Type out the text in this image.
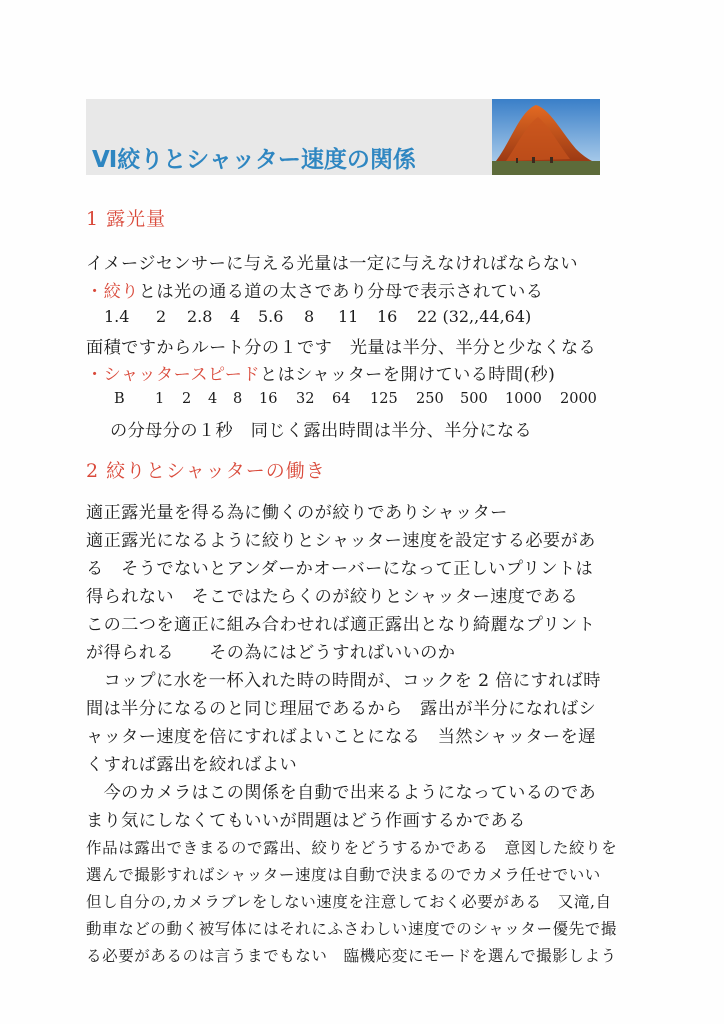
Ⅵ絞りとシャッター速度の関係
1 露光量
イメージセンサーに与える光量は一定に与えなければならない
・絞りとは光の通る道の太さであり分母で表示されている
1.4 2 2.8 4 5.6 8 11 16 22 (32,,44,64)
面積ですからルート分の１です　光量は半分、半分と少なくなる
・シャッタースピードとはシャッターを開けている時間(秒)
B 1 2 4 8 16 32 64 125 250 500 1000 2000
の分母分の１秒　同じく露出時間は半分、半分になる
2 絞りとシャッターの働き
適正露光量を得る為に働くのが絞りでありシャッター
適正露光になるように絞りとシャッター速度を設定する必要があ
る　そうでないとアンダーかオーバーになって正しいプリントは
得られない　そこではたらくのが絞りとシャッター速度である
この二つを適正に組み合わせれば適正露出となり綺麗なプリント
が得られる　　その為にはどうすればいいのか
　コップに水を一杯入れた時の時間が、コックを 2 倍にすれば時
間は半分になるのと同じ理屈であるから　露出が半分になればシ
ャッター速度を倍にすればよいことになる　当然シャッターを遅
くすれば露出を絞ればよい
　今のカメラはこの関係を自動で出来るようになっているのであ
まり気にしなくてもいいが問題はどう作画するかである
作品は露出できまるので露出、絞りをどうするかである　意図した絞りを
選んで撮影すればシャッター速度は自動で決まるのでカメラ任せでいい
但し自分の,カメラブレをしない速度を注意しておく必要がある　又滝,自
動車などの動く被写体にはそれにふさわしい速度でのシャッター優先で撮
る必要があるのは言うまでもない　臨機応変にモードを選んで撮影しよう
